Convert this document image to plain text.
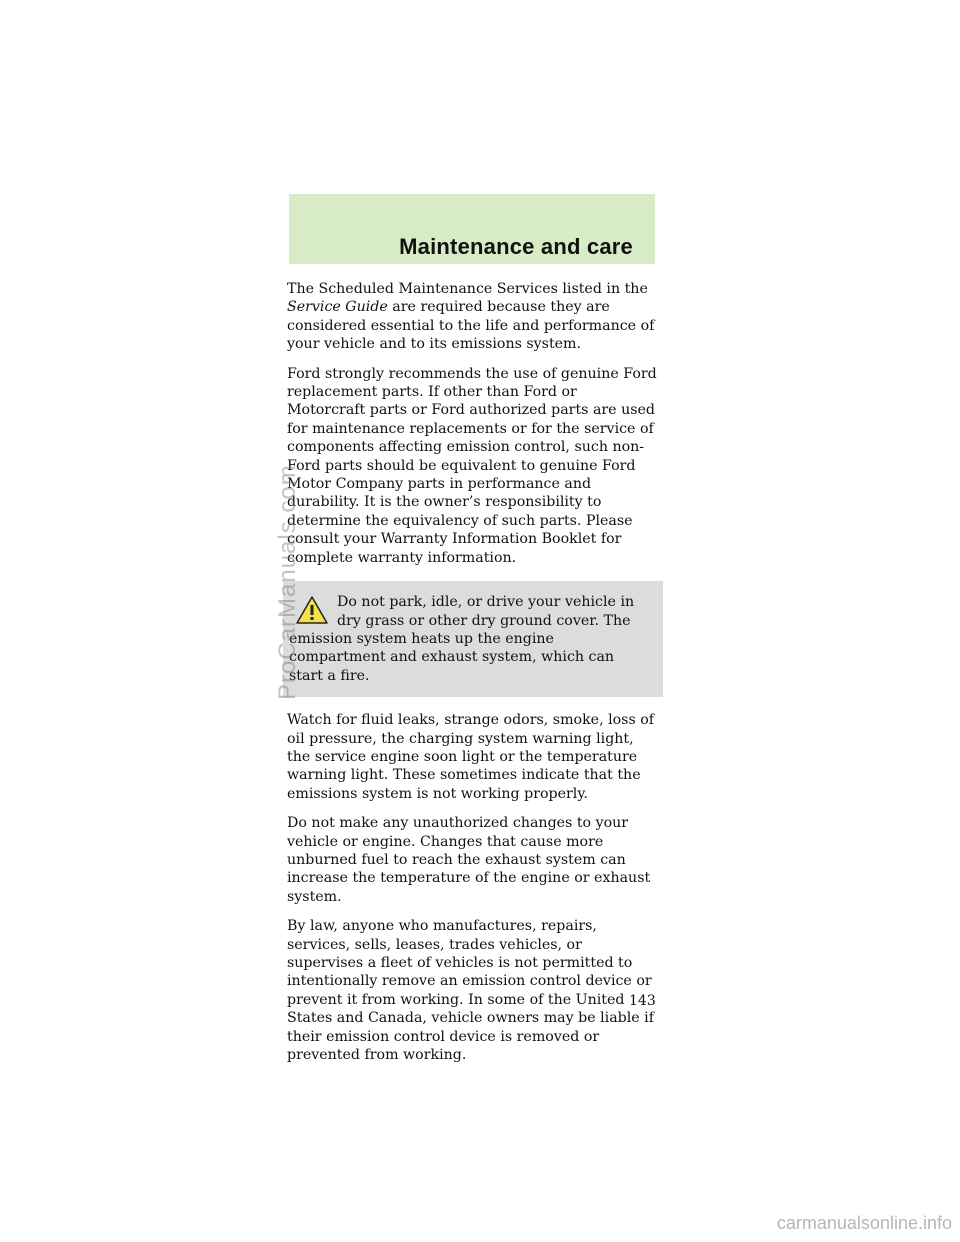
Maintenance and care

The Scheduled Maintenance Services listed in the Service Guide are required because they are considered essential to the life and performance of your vehicle and to its emissions system.

Ford strongly recommends the use of genuine Ford replacement parts. If other than Ford or Motorcraft parts or Ford authorized parts are used for maintenance replacements or for the service of components affecting emission control, such non-Ford parts should be equivalent to genuine Ford Motor Company parts in performance and durability. It is the owner’s responsibility to determine the equivalency of such parts. Please consult your Warranty Information Booklet for complete warranty information.

Do not park, idle, or drive your vehicle in dry grass or other dry ground cover. The emission system heats up the engine compartment and exhaust system, which can start a fire.

Watch for fluid leaks, strange odors, smoke, loss of oil pressure, the charging system warning light, the service engine soon light or the temperature warning light. These sometimes indicate that the emissions system is not working properly.

Do not make any unauthorized changes to your vehicle or engine. Changes that cause more unburned fuel to reach the exhaust system can increase the temperature of the engine or exhaust system.

By law, anyone who manufactures, repairs, services, sells, leases, trades vehicles, or supervises a fleet of vehicles is not permitted to intentionally remove an emission control device or prevent it from working. In some of the United States and Canada, vehicle owners may be liable if their emission control device is removed or prevented from working.

143

ProCarManuals.com

carmanualsonline.info
